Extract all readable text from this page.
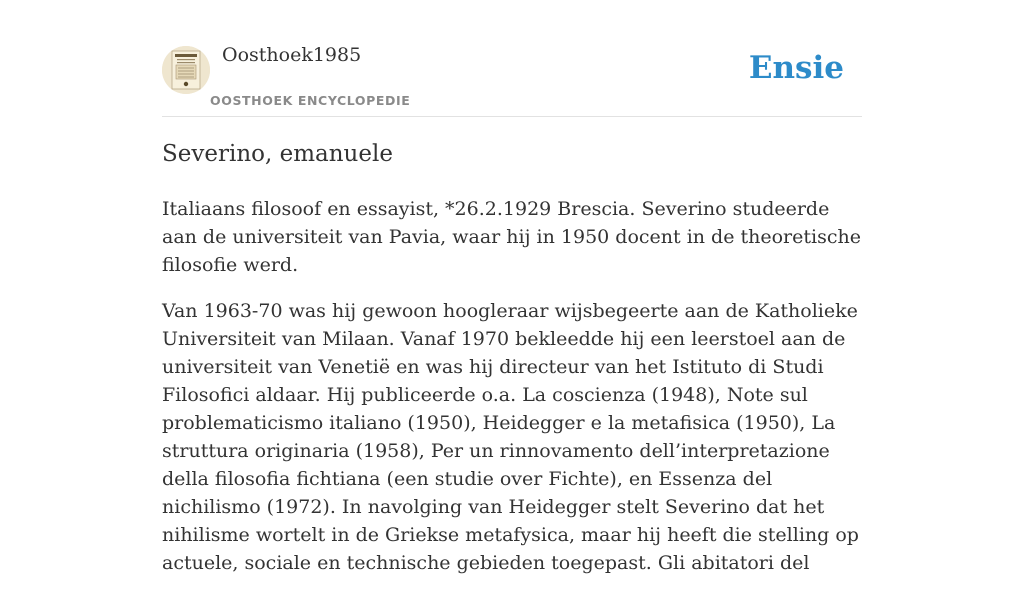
Oosthoek1985
OOSTHOEK ENCYCLOPEDIE
Ensie
Severino, emanuele

Italiaans filosoof en essayist, *26.2.1929 Brescia. Severino studeerde aan de universiteit van Pavia, waar hij in 1950 docent in de theoretische filosofie werd.

Van 1963-70 was hij gewoon hoogleraar wijsbegeerte aan de Katholieke Universiteit van Milaan. Vanaf 1970 bekleedde hij een leerstoel aan de universiteit van Venetië en was hij directeur van het Istituto di Studi Filosofici aldaar. Hij publiceerde o.a. La coscienza (1948), Note sul problematicismo italiano (1950), Heidegger e la metafisica (1950), La struttura originaria (1958), Per un rinnovamento dell’interpretazione della filosofia fichtiana (een studie over Fichte), en Essenza del nichilismo (1972). In navolging van Heidegger stelt Severino dat het nihilisme wortelt in de Griekse metafysica, maar hij heeft die stelling op actuele, sociale en technische gebieden toegepast. Gli abitatori del
